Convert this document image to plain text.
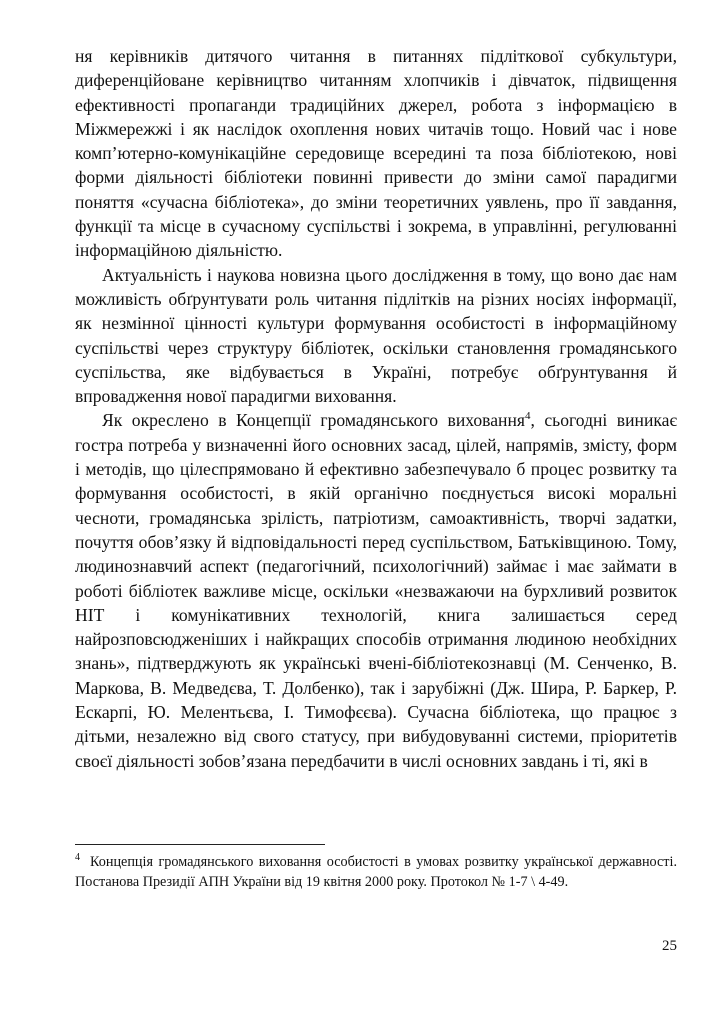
ня керівників дитячого читання в питаннях підліткової субкультури, диференційоване керівництво читанням хлопчиків і дівчаток, підвищення ефективності пропаганди традиційних джерел, робота з інформацією в Міжмережжі і як наслідок охоплення нових читачів тощо. Новий час і нове комп’ютерно-комунікаційне середовище всередині та поза бібліотекою, нові форми діяльності бібліотеки повинні привести до зміни самої парадигми поняття «сучасна бібліотека», до зміни теоретичних уявлень, про її завдання, функції та місце в сучасному суспільстві і зокрема, в управлінні, регулюванні інформаційною діяльністю.

Актуальність і наукова новизна цього дослідження в тому, що воно дає нам можливість обґрунтувати роль читання підлітків на різних носіях інформації, як незмінної цінності культури формування особистості в інформаційному суспільстві через структуру бібліотек, оскільки становлення громадянського суспільства, яке відбувається в Україні, потребує обґрунтування й впровадження нової парадигми виховання.

Як окреслено в Концепції громадянського виховання$^4$, сьогодні виникає гостра потреба у визначенні його основних засад, цілей, напрямів, змісту, форм і методів, що цілеспрямовано й ефективно забезпечувало б процес розвитку та формування особистості, в якій органічно поєднується високі моральні чесноти, громадянська зрілість, патріотизм, самоактивність, творчі задатки, почуття обов’язку й відповідальності перед суспільством, Батьківщиною. Тому, людинознавчий аспект (педагогічний, психологічний) займає і має займати в роботі бібліотек важливе місце, оскільки «незважаючи на бурхливий розвиток НІТ і комунікативних технологій, книга залишається серед найрозповсюдженіших і найкращих способів отримання людиною необхідних знань», підтверджують як українські вчені-бібліотекознавці (М. Сенченко, В. Маркова, В. Медведєва, Т. Долбенко), так і зарубіжні (Дж. Шира, Р. Баркер, Р. Ескарпі, Ю. Мелентьєва, І. Тимофєєва). Сучасна бібліотека, що працює з дітьми, незалежно від свого статусу, при вибудовуванні системи, пріоритетів своєї діяльності зобов’язана передбачити в числі основних завдань і ті, які в

$^4$ Концепція громадянського виховання особистості в умовах розвитку української державності. Постанова Президії АПН України від 19 квітня 2000 року. Протокол № 1-7 \ 4-49.
25
